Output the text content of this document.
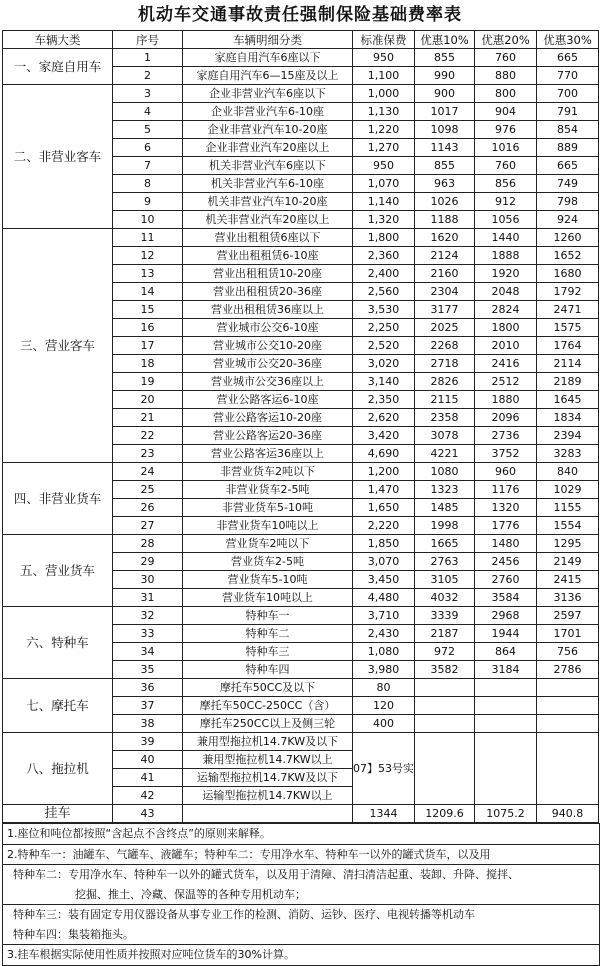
机动车交通事故责任强制保险基础费率表
车辆大类	序号	车辆明细分类	标准保费	优惠10%	优惠20%	优惠30%
一、家庭自用车	1	家庭自用汽车6座以下	950	855	760	665
	2	家庭自用汽车6—15座及以上	1,100	990	880	770
二、非营业客车	3	企业非营业汽车6座以下	1,000	900	800	700
	4	企业非营业汽车6-10座	1,130	1017	904	791
	5	企业非营业汽车10-20座	1,220	1098	976	854
	6	企业非营业汽车20座以上	1,270	1143	1016	889
	7	机关非营业汽车6座以下	950	855	760	665
	8	机关非营业汽车6-10座	1,070	963	856	749
	9	机关非营业汽车10-20座	1,140	1026	912	798
	10	机关非营业汽车20座以上	1,320	1188	1056	924
三、营业客车	11	营业出租租赁6座以下	1,800	1620	1440	1260
	12	营业出租租赁6-10座	2,360	2124	1888	1652
	13	营业出租租赁10-20座	2,400	2160	1920	1680
	14	营业出租租赁20-36座	2,560	2304	2048	1792
	15	营业出租租赁36座以上	3,530	3177	2824	2471
	16	营业城市公交6-10座	2,250	2025	1800	1575
	17	营业城市公交10-20座	2,520	2268	2010	1764
	18	营业城市公交20-36座	3,020	2718	2416	2114
	19	营业城市公交36座以上	3,140	2826	2512	2189
	20	营业公路客运6-10座	2,350	2115	1880	1645
	21	营业公路客运10-20座	2,620	2358	2096	1834
	22	营业公路客运20-36座	3,420	3078	2736	2394
	23	营业公路客运36座以上	4,690	4221	3752	3283
四、非营业货车	24	非营业货车2吨以下	1,200	1080	960	840
	25	非营业货车2-5吨	1,470	1323	1176	1029
	26	非营业货车5-10吨	1,650	1485	1320	1155
	27	非营业货车10吨以上	2,220	1998	1776	1554
五、营业货车	28	营业货车2吨以下	1,850	1665	1480	1295
	29	营业货车2-5吨	3,070	2763	2456	2149
	30	营业货车5-10吨	3,450	3105	2760	2415
	31	营业货车10吨以上	4,480	4032	3584	3136
六、特种车	32	特种车一	3,710	3339	2968	2597
	33	特种车二	2,430	2187	1944	1701
	34	特种车三	1,080	972	864	756
	35	特种车四	3,980	3582	3184	2786
七、摩托车	36	摩托车50CC及以下	80			
	37	摩托车50CC-250CC（含）	120			
	38	摩托车250CC以上及侧三轮	400			
八、拖拉机	39	兼用型拖拉机14.7KW及以下	07】53号实			
	40	兼用型拖拉机14.7KW以上				
	41	运输型拖拉机14.7KW及以下				
	42	运输型拖拉机14.7KW以上				
挂车	43		1344	1209.6	1075.2	940.8
1.座位和吨位都按照“含起点不含终点”的原则来解释。
2.特种车一：油罐车、气罐车、液罐车；特种车二：专用净水车、特种车一以外的罐式货车，以及用
特种车二：专用净水车、特种车一以外的罐式货车，以及用于清障、清扫清洁起重、装卸、升降、搅拌、
挖掘、推土、冷藏、保温等的各种专用机动车；
特种车三：装有固定专用仪器设备从事专业工作的检测、消防、运钞、医疗、电视转播等机动车
特种车四：集装箱拖头。
3.挂车根据实际使用性质并按照对应吨位货车的30%计算。
